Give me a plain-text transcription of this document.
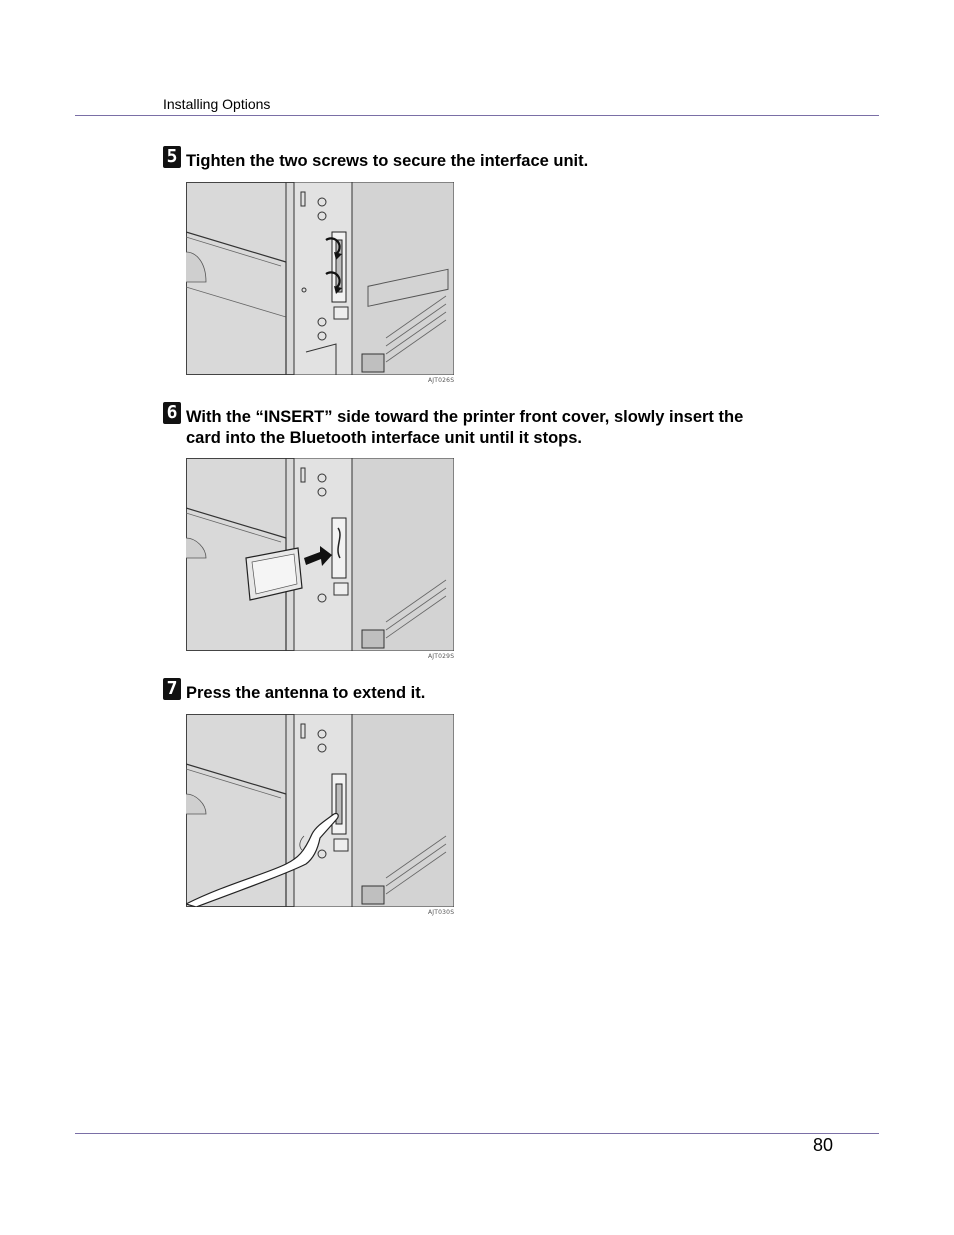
Installing Options
5 Tighten the two screws to secure the interface unit.
AJT026S
6 With the “INSERT” side toward the printer front cover, slowly insert the
card into the Bluetooth interface unit until it stops.
AJT029S
7 Press the antenna to extend it.
AJT030S
80
